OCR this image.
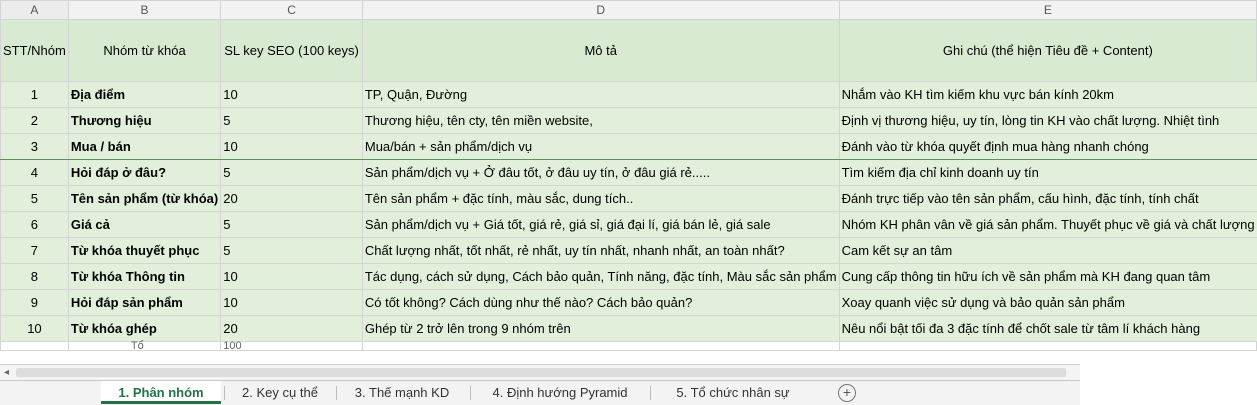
A	B	C	D	E
STT/Nhóm	Nhóm từ khóa	SL key SEO (100 keys)	Mô tả	Ghi chú (thể hiện Tiêu đề + Content)
1	Địa điểm	10	TP, Quận, Đường	Nhắm vào KH tìm kiếm khu vực bán kính 20km
2	Thương hiệu	5	Thương hiệu, tên cty, tên miền website,	Định vị thương hiệu, uy tín, lòng tin KH vào chất lượng. Nhiệt tình
3	Mua / bán	10	Mua/bán + sản phẩm/dịch vụ	Đánh vào từ khóa quyết định mua hàng nhanh chóng
4	Hỏi đáp ở đâu?	5	Sản phẩm/dịch vụ + Ở đâu tốt, ở đâu uy tín, ở đâu giá rẻ.....	Tìm kiếm địa chỉ kinh doanh uy tín
5	Tên sản phẩm (từ khóa)	20	Tên sản phẩm + đặc tính, màu sắc, dung tích..	Đánh trực tiếp vào tên sản phẩm, cấu hình, đặc tính, tính chất
6	Giá cả	5	Sản phẩm/dịch vụ + Giá tốt, giá rẻ, giá sỉ, giá đại lí, giá bán lẻ, giá sale	Nhóm KH phân vân về giá sản phẩm. Thuyết phục về giá và chất lượng
7	Từ khóa thuyết phục	5	Chất lượng nhất, tốt nhất, rẻ nhất, uy tín nhất, nhanh nhất, an toàn nhất?	Cam kết sự an tâm
8	Từ khóa Thông tin	10	Tác dụng, cách sử dụng, Cách bảo quản, Tính năng, đặc tính, Màu sắc sản phẩm	Cung cấp thông tin hữu ích về sản phẩm mà KH đang quan tâm
9	Hỏi đáp sản phẩm	10	Có tốt không? Cách dùng như thế nào? Cách bảo quản?	Xoay quanh việc sử dụng và bảo quản sản phẩm
10	Từ khóa ghép	20	Ghép từ 2 trở lên trong 9 nhóm trên	Nêu nổi bật tối đa 3 đặc tính để chốt sale từ tâm lí khách hàng
	Tổ	100		
◂
1. Phân nhóm	2. Key cụ thể	3. Thế mạnh KD	4. Định hướng Pyramid	5. Tổ chức nhân sự	+
